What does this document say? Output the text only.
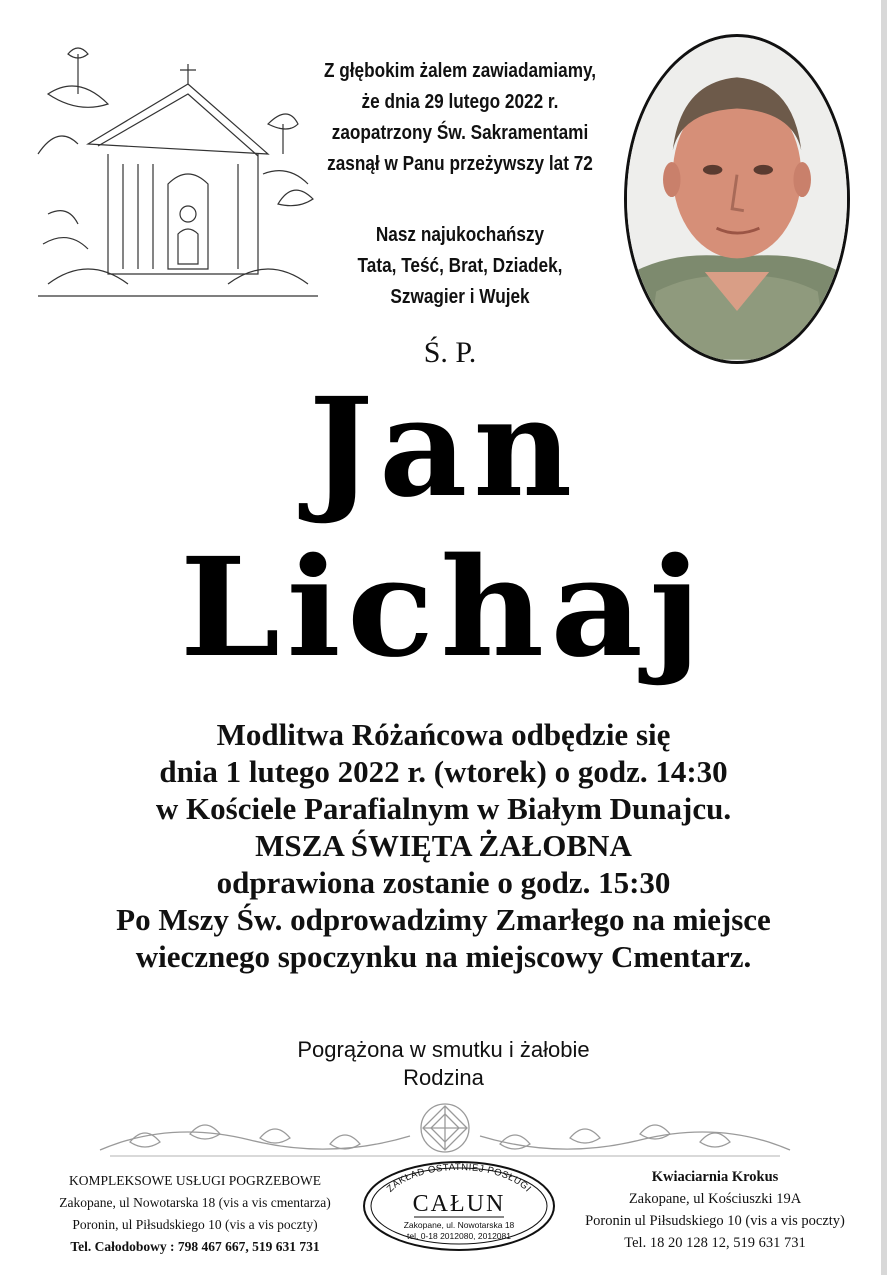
Z głębokim żalem zawiadamiamy,

że dnia 29 lutego 2022 r.

zaopatrzony Św. Sakramentami

zasnął w Panu przeżywszy lat 72

Nasz najukochańszy

Tata, Teść, Brat, Dziadek,

Szwagier i Wujek

Ś. P.
Jan
Lichaj

Modlitwa Różańcowa odbędzie się

dnia 1 lutego 2022 r. (wtorek) o godz. 14:30

w Kościele Parafialnym w Białym Dunajcu.

MSZA ŚWIĘTA ŻAŁOBNA

odprawiona zostanie o godz. 15:30

Po Mszy Św. odprowadzimy Zmarłego na miejsce

wiecznego spoczynku na miejscowy Cmentarz.

Pogrążona w smutku i żałobie

Rodzina

KOMPLEKSOWE USŁUGI POGRZEBOWE

Zakopane, ul Nowotarska 18 (vis a vis cmentarza)

Poronin, ul Piłsudskiego 10 (vis a vis poczty)

Tel. Całodobowy : 798 467 667, 519 631 731

ZAKŁAD OSTATNIEJ POSŁUGI
CAŁUN
Zakopane, ul. Nowotarska 18
tel. 0-18 2012080, 2012081

Kwiaciarnia Krokus

Zakopane, ul Kościuszki 19A

Poronin ul Piłsudskiego 10 (vis a vis poczty)

Tel. 18 20 128 12, 519 631 731
